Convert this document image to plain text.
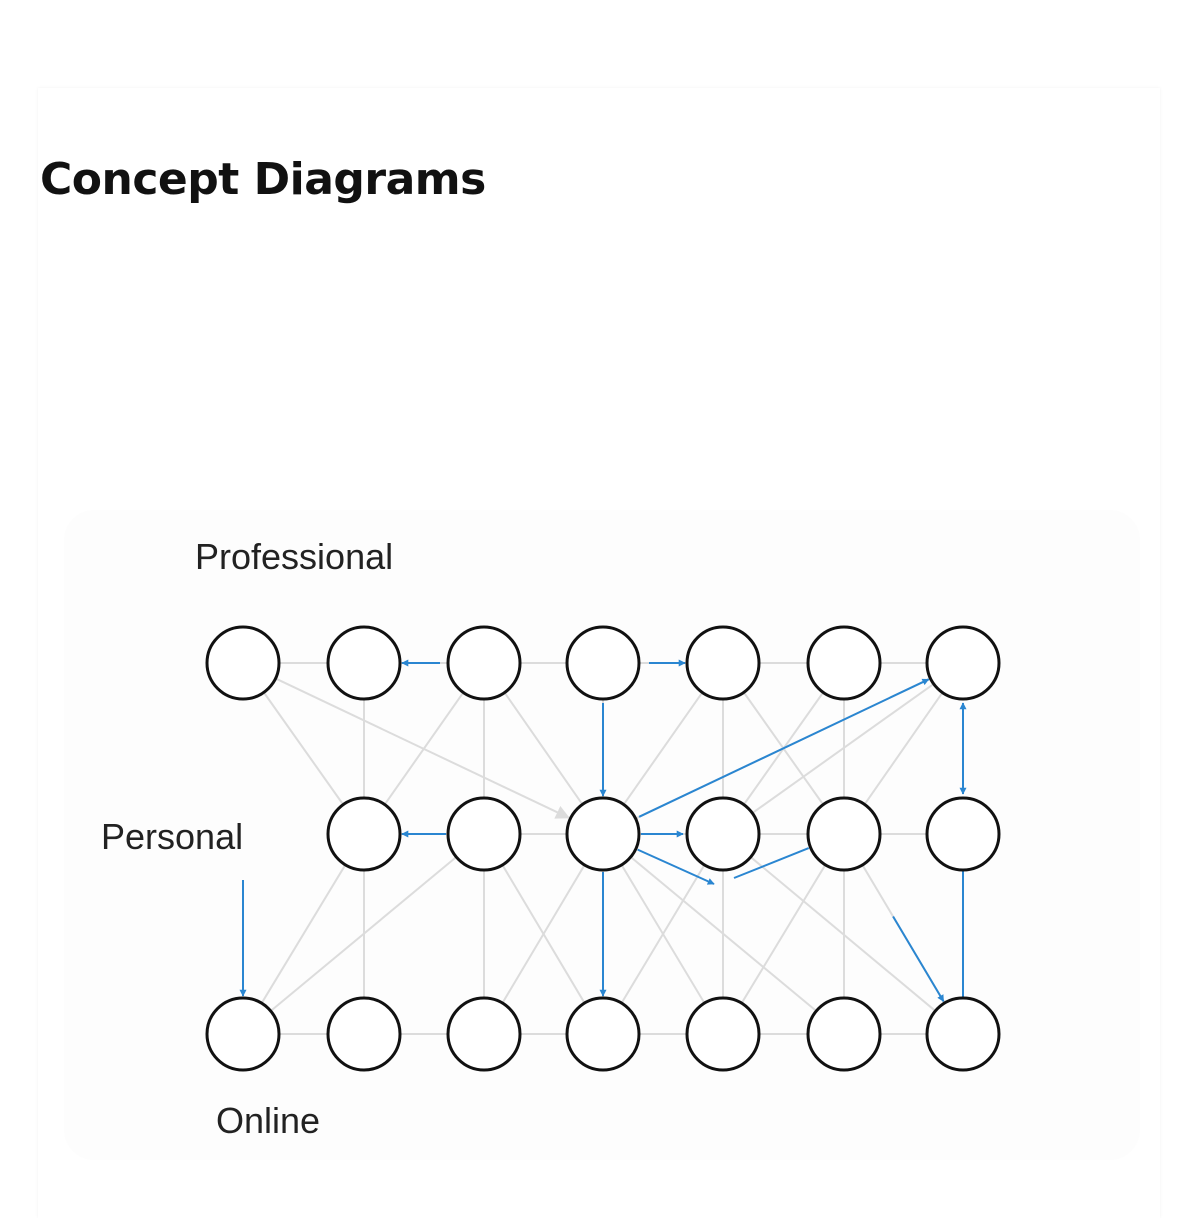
Concept Diagrams
Professional
Personal
Online
